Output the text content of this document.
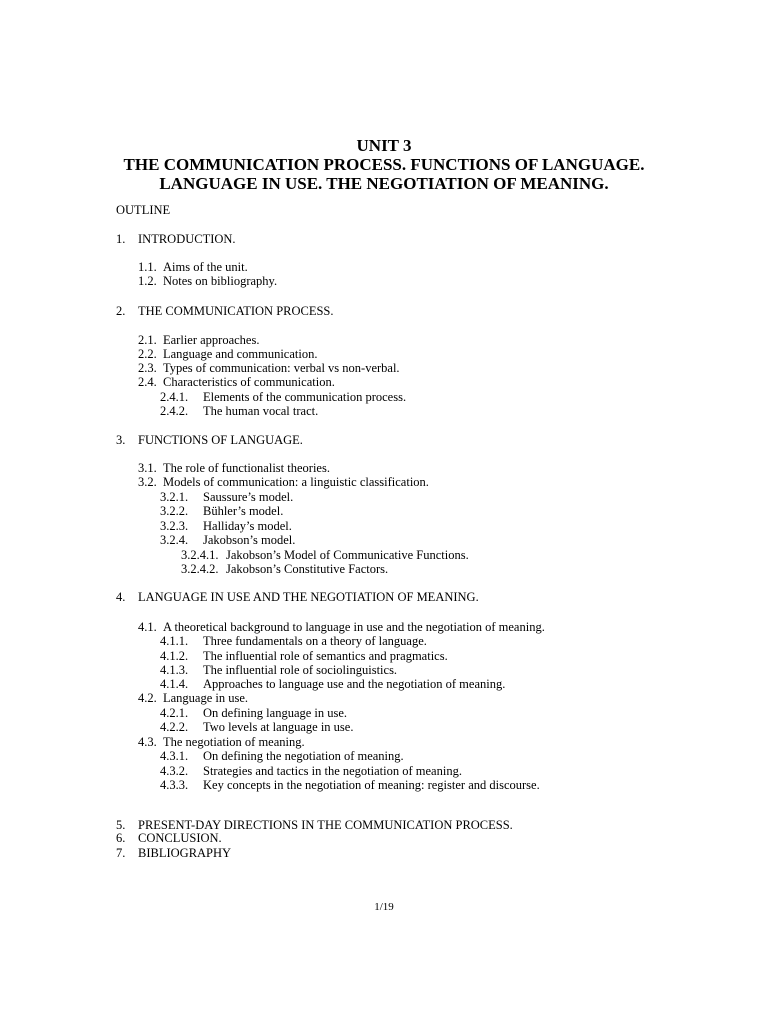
UNIT 3
THE COMMUNICATION PROCESS. FUNCTIONS OF LANGUAGE.
LANGUAGE IN USE. THE NEGOTIATION OF MEANING.
OUTLINE
1. INTRODUCTION.
1.1. Aims of the unit.
1.2. Notes on bibliography.
2. THE COMMUNICATION PROCESS.
2.1. Earlier approaches.
2.2. Language and communication.
2.3. Types of communication: verbal vs non-verbal.
2.4. Characteristics of communication.
2.4.1. Elements of the communication process.
2.4.2. The human vocal tract.
3. FUNCTIONS OF LANGUAGE.
3.1. The role of functionalist theories.
3.2. Models of communication: a linguistic classification.
3.2.1. Saussure’s model.
3.2.2. Bühler’s model.
3.2.3. Halliday’s model.
3.2.4. Jakobson’s model.
3.2.4.1. Jakobson’s Model of Communicative Functions.
3.2.4.2. Jakobson’s Constitutive Factors.
4. LANGUAGE IN USE AND THE NEGOTIATION OF MEANING.
4.1. A theoretical background to language in use and the negotiation of meaning.
4.1.1. Three fundamentals on a theory of language.
4.1.2. The influential role of semantics and pragmatics.
4.1.3. The influential role of sociolinguistics.
4.1.4. Approaches to language use and the negotiation of meaning.
4.2. Language in use.
4.2.1. On defining language in use.
4.2.2. Two levels at language in use.
4.3. The negotiation of meaning.
4.3.1. On defining the negotiation of meaning.
4.3.2. Strategies and tactics in the negotiation of meaning.
4.3.3. Key concepts in the negotiation of meaning: register and discourse.
5. PRESENT-DAY DIRECTIONS IN THE COMMUNICATION PROCESS.
6. CONCLUSION.
7. BIBLIOGRAPHY
1/19
